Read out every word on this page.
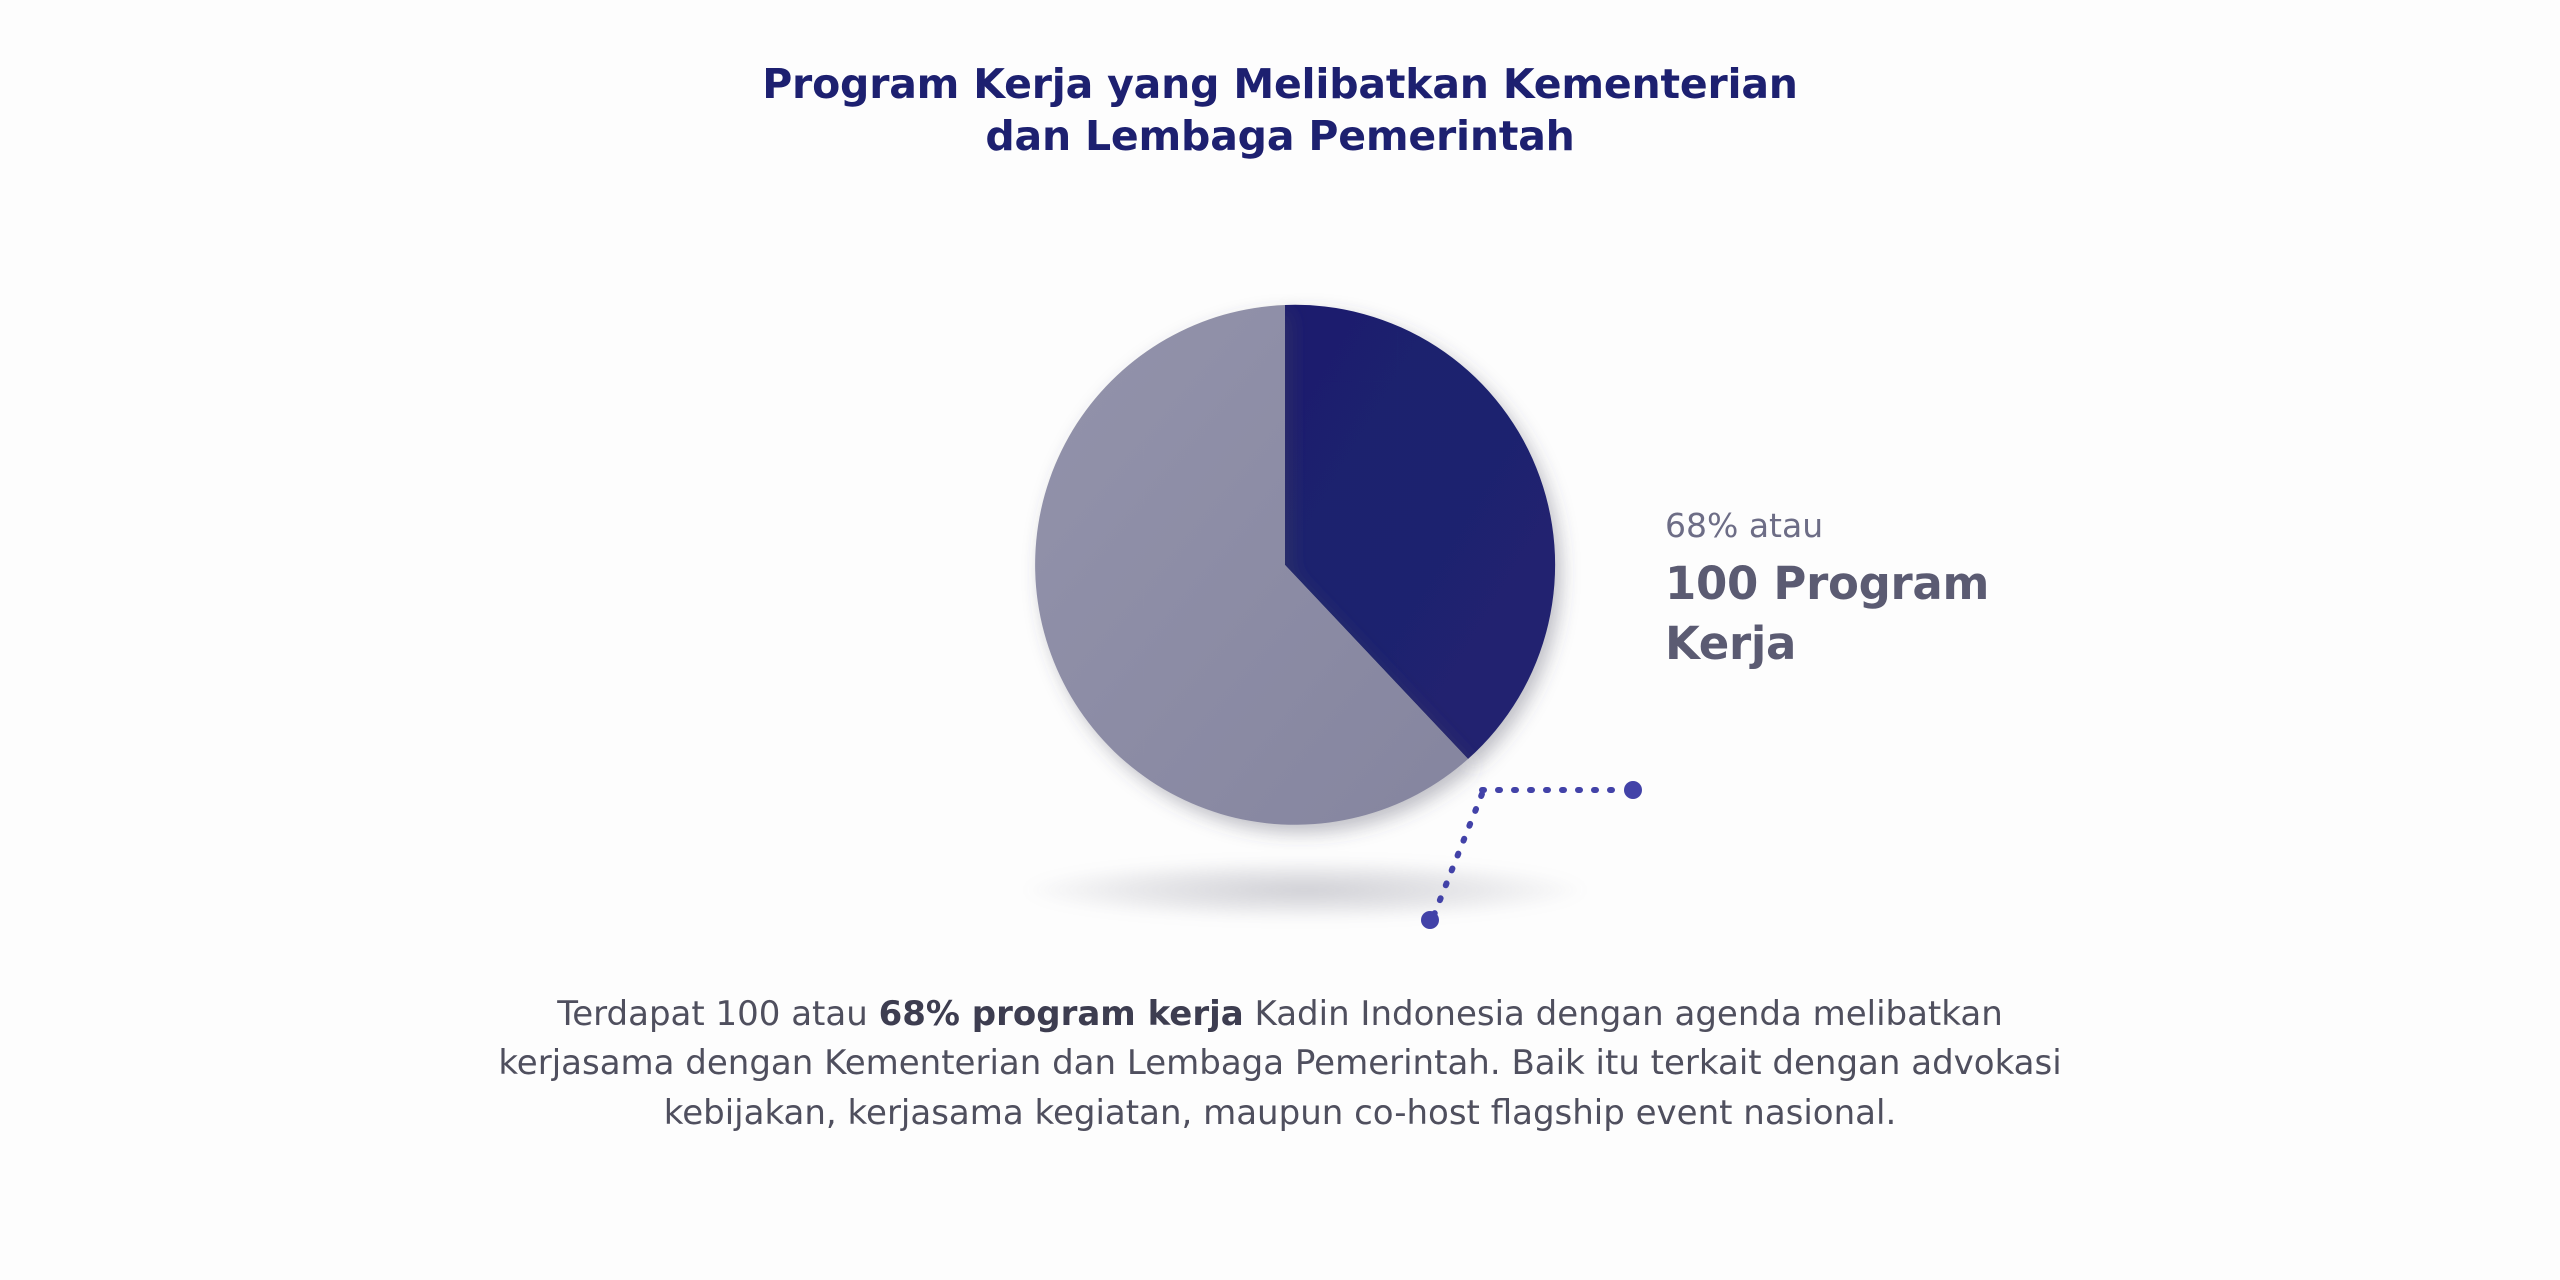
Program Kerja yang Melibatkan Kementerian
dan Lembaga Pemerintah
68% atau
100 Program
Kerja
Terdapat 100 atau 68% program kerja Kadin Indonesia dengan agenda melibatkan kerjasama dengan Kementerian dan Lembaga Pemerintah. Baik itu terkait dengan advokasi kebijakan, kerjasama kegiatan, maupun co-host flagship event nasional.
